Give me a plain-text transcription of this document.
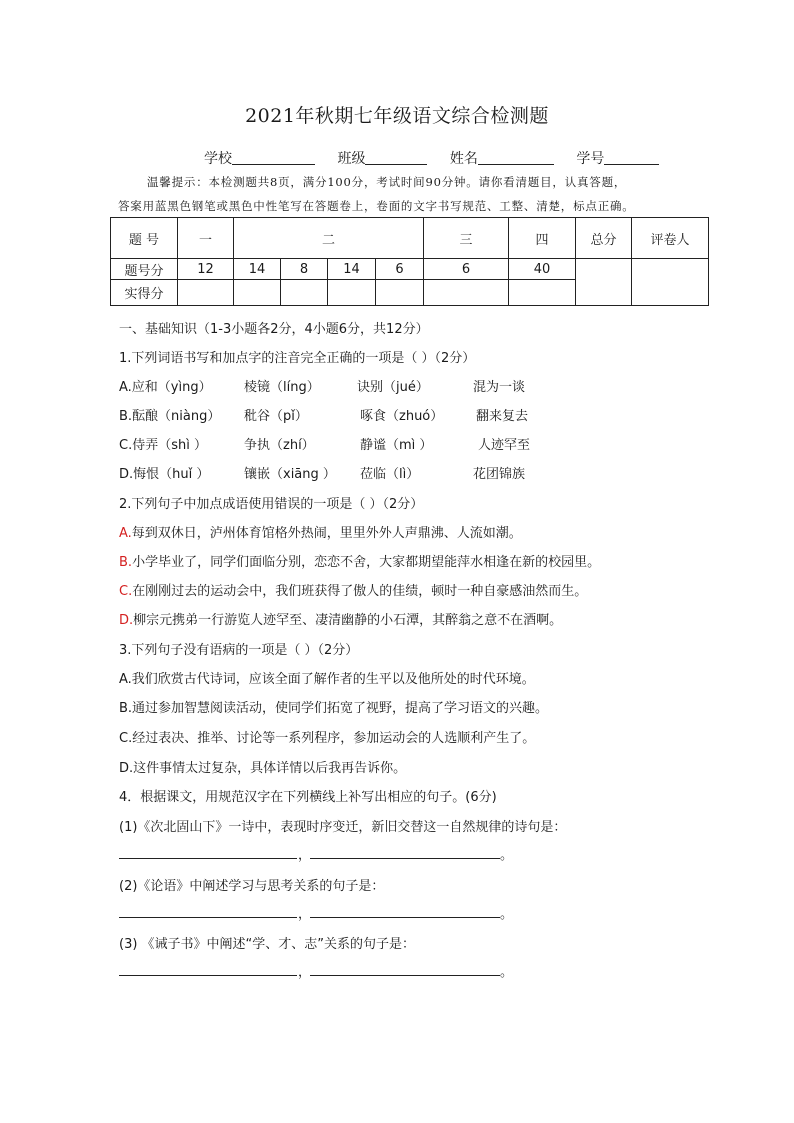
2021年秋期七年级语文综合检测题
学校	班级	姓名	学号
温馨提示：本检测题共8页，满分100分，考试时间90分钟。请你看清题目，认真答题，
答案用蓝黑色钢笔或黑色中性笔写在答题卷上，卷面的文字书写规范、工整、清楚，标点正确。
题 号	一	二				三	四	总分	评卷人
题号分	12	14	8	14	6	6	40		
实得分									
一、基础知识（1-3小题各2分，4小题6分，共12分）
1.下列词语书写和加点字的注音完全正确的一项是（ ）（2分）
A.应和（yìng） 棱镜（líng）	诀别（jué）	混为一谈
B.酝酿（niàng） 秕谷（pǐ）	啄食（zhuó）	翻来复去
C.侍弄（shì ）	争执（zhí）	静谧（mì ）	人迹罕至
D.悔恨（huǐ ）	镶嵌（xiāng ） 莅临（lì）	花团锦族
2.下列句子中加点成语使用错误的一项是（ ）（2分）
A.每到双休日，泸州体育馆格外热闹，里里外外人声鼎沸、人流如潮。
B.小学毕业了，同学们面临分别，恋恋不舍，大家都期望能萍水相逢在新的校园里。
C.在刚刚过去的运动会中，我们班获得了傲人的佳绩，顿时一种自豪感油然而生。
D.柳宗元携弟一行游览人迹罕至、凄清幽静的小石潭，其醉翁之意不在酒啊。
3.下列句子没有语病的一项是（ ）（2分）
A.我们欣赏古代诗词，应该全面了解作者的生平以及他所处的时代环境。
B.通过参加智慧阅读活动，使同学们拓宽了视野，提高了学习语文的兴趣。
C.经过表决、推举、讨论等一系列程序，参加运动会的人选顺利产生了。
D.这件事情太过复杂，具体详情以后我再告诉你。
4．根据课文，用规范汉字在下列横线上补写出相应的句子。(6分)
(1)《次北固山下》一诗中，表现时序变迁，新旧交替这一自然规律的诗句是：
，	。
(2)《论语》中阐述学习与思考关系的句子是：
，	。
(3) 《诫子书》中阐述“学、才、志”关系的句子是：
，	。
